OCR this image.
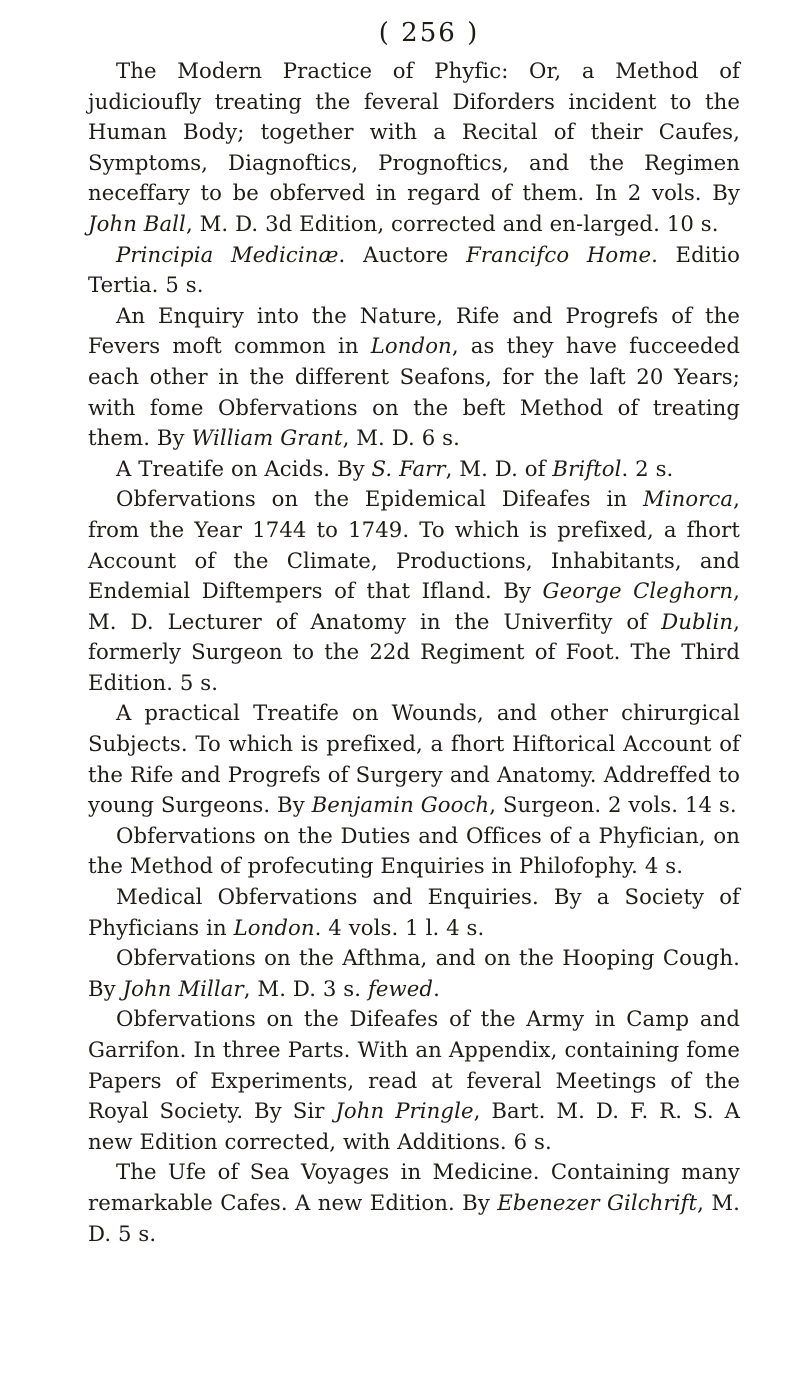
( 256 )

The Modern Practice of Phyfic: Or, a Method of judicioufly treating the feveral Diforders incident to the Human Body; together with a Recital of their Caufes, Symptoms, Diagnoftics, Prognoftics, and the Regimen neceffary to be obferved in regard of them. In 2 vols. By John Ball, M. D. 3d Edition, corrected and en-larged. 10 s.

Principia Medicinæ. Auctore Francifco Home. Editio Tertia. 5 s.

An Enquiry into the Nature, Rife and Progrefs of the Fevers moft common in London, as they have fucceeded each other in the different Seafons, for the laft 20 Years; with fome Obfervations on the beft Method of treating them. By William Grant, M. D. 6 s.

A Treatife on Acids. By S. Farr, M. D. of Briftol. 2 s.

Obfervations on the Epidemical Difeafes in Minorca, from the Year 1744 to 1749. To which is prefixed, a fhort Account of the Climate, Productions, Inhabitants, and Endemial Diftempers of that Ifland. By George Cleghorn, M. D. Lecturer of Anatomy in the Univerfity of Dublin, formerly Surgeon to the 22d Regiment of Foot. The Third Edition. 5 s.

A practical Treatife on Wounds, and other chirurgical Subjects. To which is prefixed, a fhort Hiftorical Account of the Rife and Progrefs of Surgery and Anatomy. Addreffed to young Surgeons. By Benjamin Gooch, Surgeon. 2 vols. 14 s.

Obfervations on the Duties and Offices of a Phyfician, on the Method of profecuting Enquiries in Philofophy. 4 s.

Medical Obfervations and Enquiries. By a Society of Phyficians in London. 4 vols. 1 l. 4 s.

Obfervations on the Afthma, and on the Hooping Cough. By John Millar, M. D. 3 s. fewed.

Obfervations on the Difeafes of the Army in Camp and Garrifon. In three Parts. With an Appendix, containing fome Papers of Experiments, read at feveral Meetings of the Royal Society. By Sir John Pringle, Bart. M. D. F. R. S. A new Edition corrected, with Additions. 6 s.

The Ufe of Sea Voyages in Medicine. Containing many remarkable Cafes. A new Edition. By Ebenezer Gilchrift, M. D. 5 s.
